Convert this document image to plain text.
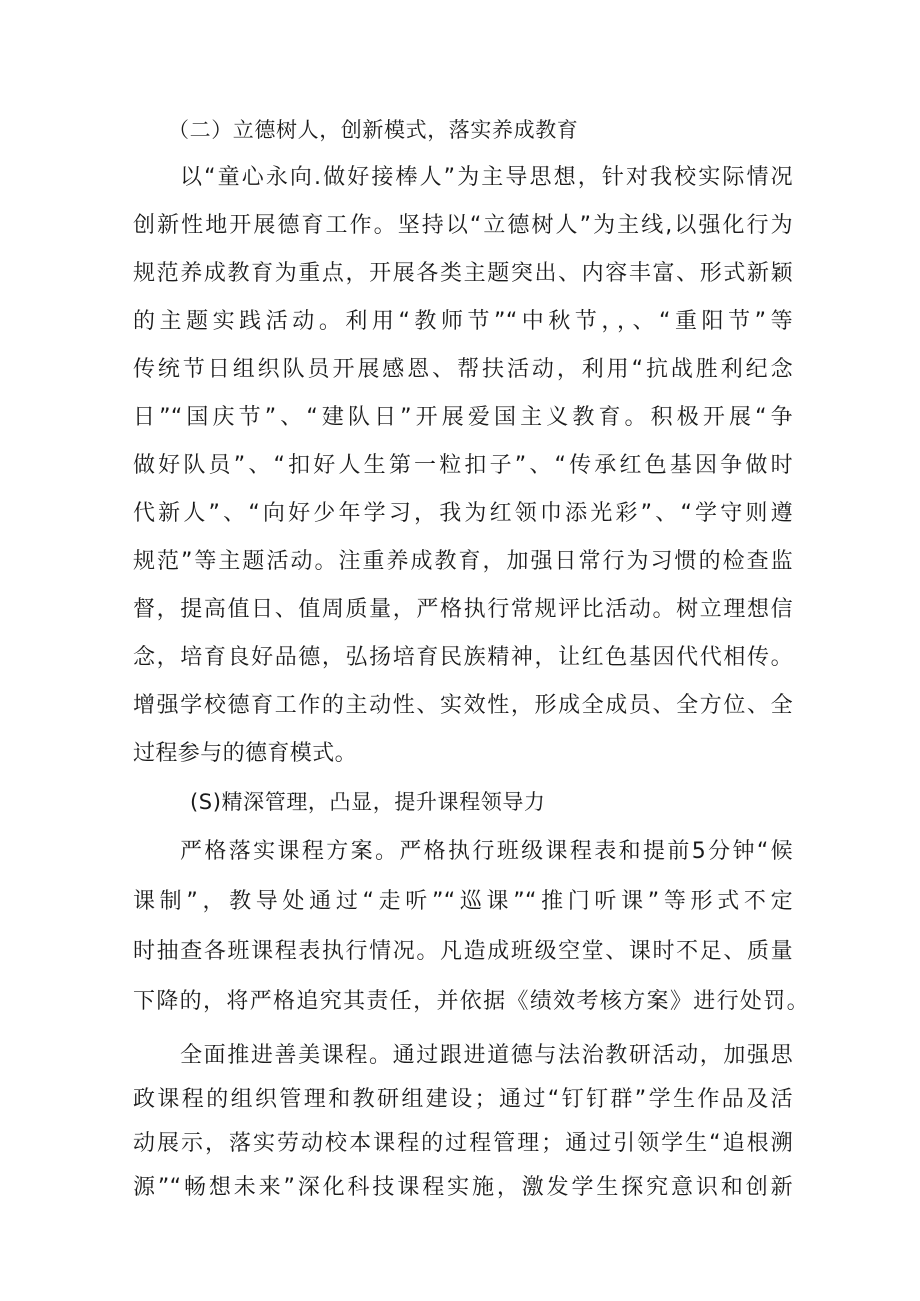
（二）立德树人，创新模式，落实养成教育
以“童心永向.做好接棒人”为主导思想，针对我校实际情况
创新性地开展德育工作。坚持以“立德树人”为主线,以强化行为
规范养成教育为重点，开展各类主题突出、内容丰富、形式新颖
的主题实践活动。利用“教师节”“中秋节，，、“重阳节”等
传统节日组织队员开展感恩、帮扶活动，利用“抗战胜利纪念
日”“国庆节”、“建队日”开展爱国主义教育。积极开展“争
做好队员”、“扣好人生第一粒扣子”、“传承红色基因争做时
代新人”、“向好少年学习，我为红领巾添光彩”、“学守则遵
规范”等主题活动。注重养成教育，加强日常行为习惯的检查监
督，提高值日、值周质量，严格执行常规评比活动。树立理想信
念，培育良好品德，弘扬培育民族精神，让红色基因代代相传。
增强学校德育工作的主动性、实效性，形成全成员、全方位、全
过程参与的德育模式。
(S)精深管理，凸显，提升课程领导力
严格落实课程方案。严格执行班级课程表和提前5分钟“候
课制”，教导处通过“走听”“巡课”“推门听课”等形式不定
时抽查各班课程表执行情况。凡造成班级空堂、课时不足、质量
下降的，将严格追究其责任，并依据《绩效考核方案》进行处罚。
全面推进善美课程。通过跟进道德与法治教研活动，加强思
政课程的组织管理和教研组建设；通过“钉钉群”学生作品及活
动展示，落实劳动校本课程的过程管理；通过引领学生“追根溯
源”“畅想未来”深化科技课程实施，激发学生探究意识和创新
